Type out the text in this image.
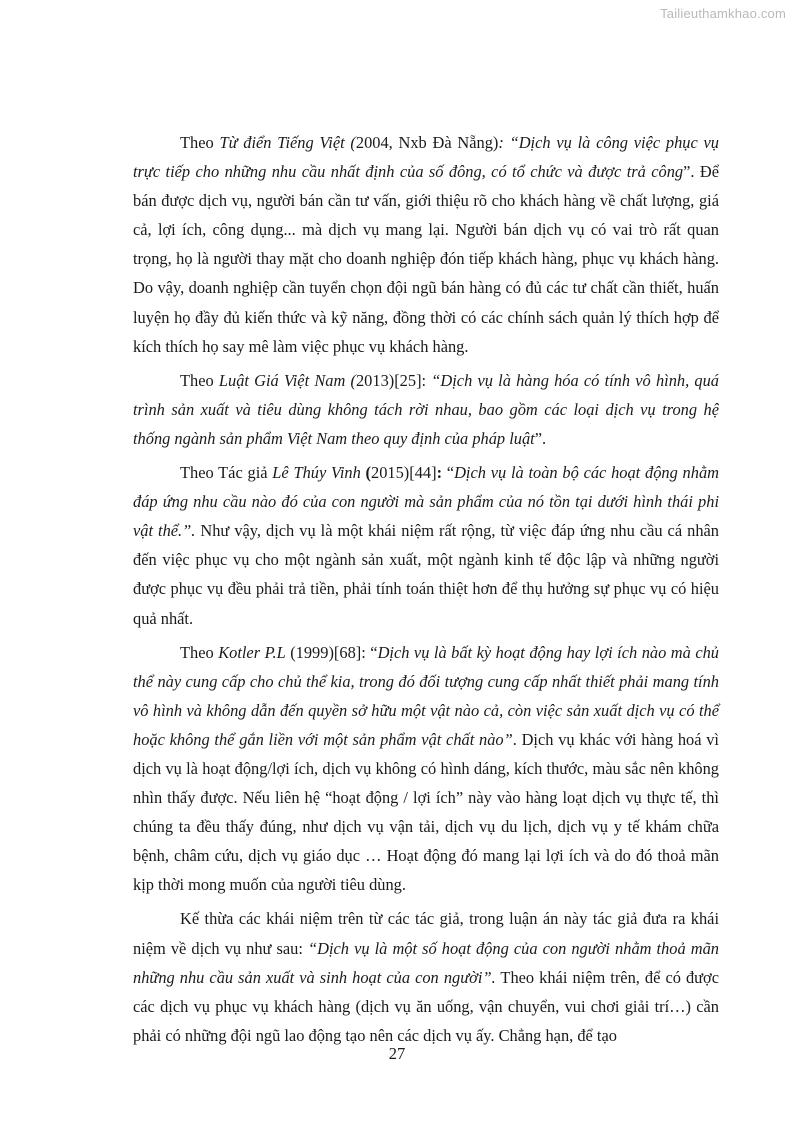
Tailieuthamkhao.com

Theo Từ điển Tiếng Việt (2004, Nxb Đà Nẵng): “Dịch vụ là công việc phục vụ trực tiếp cho những nhu cầu nhất định của số đông, có tổ chức và được trả công”. Để bán được dịch vụ, người bán cần tư vấn, giới thiệu rõ cho khách hàng về chất lượng, giá cả, lợi ích, công dụng... mà dịch vụ mang lại. Người bán dịch vụ có vai trò rất quan trọng, họ là người thay mặt cho doanh nghiệp đón tiếp khách hàng, phục vụ khách hàng. Do vậy, doanh nghiệp cần tuyển chọn đội ngũ bán hàng có đủ các tư chất cần thiết, huấn luyện họ đầy đủ kiến thức và kỹ năng, đồng thời có các chính sách quản lý thích hợp để kích thích họ say mê làm việc phục vụ khách hàng.

Theo Luật Giá Việt Nam (2013)[25]: “Dịch vụ là hàng hóa có tính vô hình, quá trình sản xuất và tiêu dùng không tách rời nhau, bao gồm các loại dịch vụ trong hệ thống ngành sản phẩm Việt Nam theo quy định của pháp luật”.

Theo Tác giả Lê Thúy Vinh (2015)[44]: “Dịch vụ là toàn bộ các hoạt động nhằm đáp ứng nhu cầu nào đó của con người mà sản phẩm của nó tồn tại dưới hình thái phi vật thể.”. Như vậy, dịch vụ là một khái niệm rất rộng, từ việc đáp ứng nhu cầu cá nhân đến việc phục vụ cho một ngành sản xuất, một ngành kinh tế độc lập và những người được phục vụ đều phải trả tiền, phải tính toán thiệt hơn để thụ hưởng sự phục vụ có hiệu quả nhất.

Theo Kotler P.L (1999)[68]: “Dịch vụ là bất kỳ hoạt động hay lợi ích nào mà chủ thể này cung cấp cho chủ thể kia, trong đó đối tượng cung cấp nhất thiết phải mang tính vô hình và không dẫn đến quyền sở hữu một vật nào cả, còn việc sản xuất dịch vụ có thể hoặc không thể gắn liền với một sản phẩm vật chất nào”. Dịch vụ khác với hàng hoá vì dịch vụ là hoạt động/lợi ích, dịch vụ không có hình dáng, kích thước, màu sắc nên không nhìn thấy được. Nếu liên hệ “hoạt động / lợi ích” này vào hàng loạt dịch vụ thực tế, thì chúng ta đều thấy đúng, như dịch vụ vận tải, dịch vụ du lịch, dịch vụ y tế khám chữa bệnh, châm cứu, dịch vụ giáo dục … Hoạt động đó mang lại lợi ích và do đó thoả mãn kịp thời mong muốn của người tiêu dùng.

Kế thừa các khái niệm trên từ các tác giả, trong luận án này tác giả đưa ra khái niệm về dịch vụ như sau: “Dịch vụ là một số hoạt động của con người nhằm thoả mãn những nhu cầu sản xuất và sinh hoạt của con người”. Theo khái niệm trên, để có được các dịch vụ phục vụ khách hàng (dịch vụ ăn uống, vận chuyển, vui chơi giải trí…) cần phải có những đội ngũ lao động tạo nên các dịch vụ ấy. Chẳng hạn, để tạo

27
